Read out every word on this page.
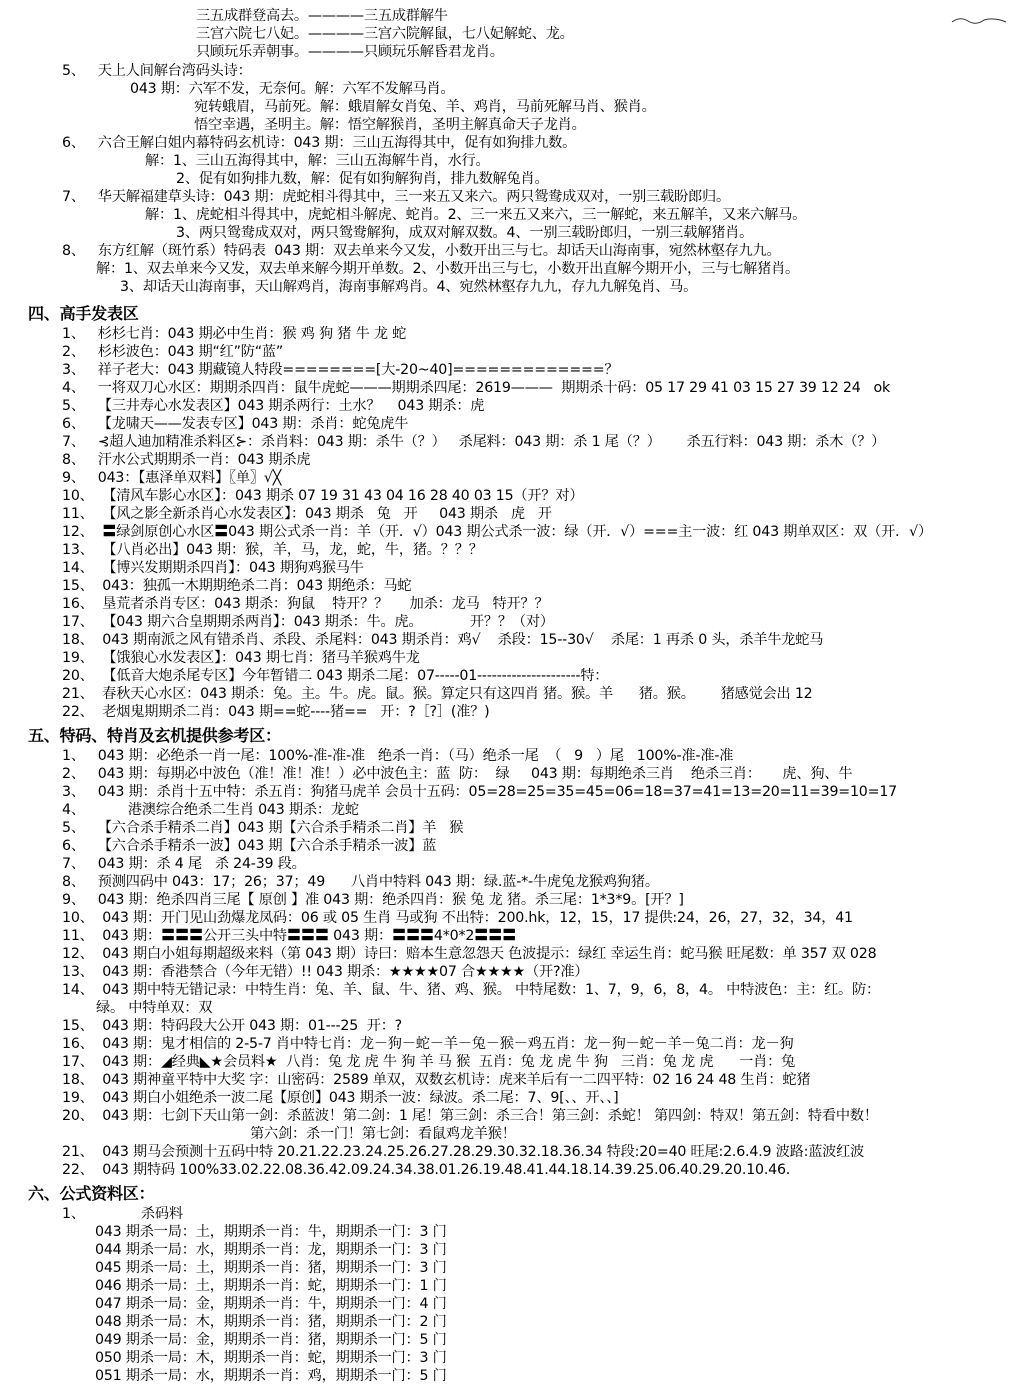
三五成群登高去。————三五成群解牛
三宫六院七八妃。————三宫六院解鼠，七八妃解蛇、龙。
只顾玩乐弄朝事。————只顾玩乐解昏君龙肖。
5、   天上人间解台湾码头诗：
043 期：六军不发，无奈何。解：六军不发解马肖。
宛转蛾眉，马前死。解：蛾眉解女肖兔、羊、鸡肖，马前死解马肖、猴肖。
悟空幸遇，圣明主。解：悟空解猴肖，圣明主解真命天子龙肖。
6、   六合王解白姐内幕特码玄机诗：043 期：三山五海得其中，促有如狗排九数。
解：1、三山五海得其中，解：三山五海解牛肖，水行。
2、促有如狗排九数，解：促有如狗解狗肖，排九数解兔肖。
7、   华天解福建草头诗：043 期：虎蛇相斗得其中，三一来五又来六。两只鸳鸯成双对，一别三载盼郎归。
解：1、虎蛇相斗得其中，虎蛇相斗解虎、蛇肖。2、三一来五又来六，三一解蛇，来五解羊，又来六解马。
3、两只鸳鸯成双对，两只鸳鸯解狗，成双对解双数。4、一别三载盼郎归，一别三载解猪肖。
8、   东方红解（斑竹系）特码表  043 期：双去单来今又发，小数开出三与七。却话天山海南事，宛然林壑存九九。
解：1、双去单来今又发，双去单来解今期开单数。2、小数开出三与七，小数开出直解今期开小，三与七解猪肖。
3、却话天山海南事，天山解鸡肖，海南事解鸡肖。4、宛然林壑存九九，存九九解兔肖、马。
四、高手发表区
1、   杉杉七肖：043 期必中生肖：猴 鸡 狗 猪 牛 龙 蛇
2、   杉杉波色：043 期“红”防“蓝”
3、   祥子老大：043 期藏镜人特段========[大-20~40]=============？
4、   一将双刀心水区：期期杀四肖：鼠牛虎蛇———期期杀四尾：2619———  期期杀十码：05 17 29 41 03 15 27 39 12 24   ok
5、   【三井寿心水发表区】043 期杀两行：土水？    043 期杀：虎
6、   【龙啸天——发表专区】043 期：杀肖：蛇兔虎牛
7、   ⊰超人迪加精准杀料区⊱：杀肖料：043 期：杀牛（？）   杀尾料：043 期：杀 1 尾（？）      杀五行料：043 期：杀木（？）
8、   汗水公式期期杀一肖：043 期杀虎
9、   043：【惠泽单双料】〖单〗√╳
10、  【清风车影心水区】：043 期杀 07 19 31 43 04 16 28 40 03 15（开？对）
11、  【风之影全新杀肖心水发表区】：043 期杀   兔   开     043 期杀   虎   开
12、  〓绿剑原创心水区〓043 期公式杀一肖：羊（开．√）043 期公式杀一波：绿（开．√）===主一波：红 043 期单双区：双（开．√）
13、  【八肖必出】043 期：猴，羊，马，龙，蛇，牛，猪。？？？
14、  【博兴发期期杀四肖】：043 期狗鸡猴马牛
15、  043：独孤一木期期绝杀二肖：043 期绝杀：马蛇
16、  垦荒者杀肖专区：043 期杀：狗鼠    特开？？     加杀：龙马   特开？？
17、  【043 期六合皇期期杀两肖】：043 期杀：牛。虎。           开？？（对）
18、  043 期南派之风有错杀肖、杀段、杀尾料：043 期杀肖：鸡√    杀段：15--30√    杀尾：1 再杀 0 头，杀羊牛龙蛇马
19、  【饿狼心水发表区】：043 期七肖：猪马羊猴鸡牛龙
20、  【低音大炮杀尾专区】今年暂错二 043 期杀二尾：07-----01---------------------特：
21、  春秋天心水区：043 期杀：兔。主。牛。虎。鼠。猴。算定只有这四肖 猪。猴。羊      猪。猴。      猪感觉会出 12
22、  老烟鬼期期杀二肖：043 期==蛇----猪==   开：?［?］(准？)
五、特码、特肖及玄机提供参考区：
1、   043 期：必绝杀一肖一尾：100%-准-准-准   绝杀一肖：（马）绝杀一尾  （   9   ）尾   100%-准-准-准
2、   043 期：每期必中波色（准！准！准！）必中波色主：蓝  防：  绿     043 期：每期绝杀三肖    绝杀三肖：     虎、狗、牛
3、   043 期：杀肖十五中特：杀五肖：狗猪马虎羊 会员十五码：05=28=25=35=45=06=18=37=41=13=20=11=39=10=17
4、          港澳综合绝杀二生肖 043 期杀：龙蛇
5、   【六合杀手精杀二肖】043 期【六合杀手精杀二肖】羊   猴
6、   【六合杀手精杀一波】043 期【六合杀手精杀一波】蓝
7、   043 期：杀 4 尾   杀 24-39 段。
8、   预测四码中 043：17；26；37；49      八肖中特料 043 期：绿.蓝-*-牛虎兔龙猴鸡狗猪。
9、   043 期：绝杀四肖三尾【 原创 】准 043 期：绝杀四肖：猴 兔 龙 猪。杀三尾：1*3*9。[开？]
10、  043 期：开门见山劲爆龙凤码：06 或 05 生肖 马或狗 不出特：200.hk，12，15，17 提供:24，26，27，32，34，41
11、  043 期：〓〓〓公开三头中特〓〓〓 043 期：〓〓〓4*0*2〓〓〓
12、  043 期白小姐每期超级来料（第 043 期）诗曰：赔本生意忽怨天 色波提示：绿红 幸运生肖：蛇马猴 旺尾数：单 357 双 028
13、  043 期：香港禁合（今年无错）!! 043 期杀：★★★★07 合★★★★（开?准）
14、  043 期中特无错记录：中特生肖：兔、羊、鼠、牛、猪、鸡、猴。 中特尾数：1、7，9，6，8，4。 中特波色：主：红。防：
绿。 中特单双：双
15、  043 期：特码段大公开 043 期：01---25  开：?
16、  043 期：鬼才相信的 2-5-7 肖中特七肖：龙－狗－蛇－羊－兔－猴－鸡五肖：龙－狗－蛇－羊－兔二肖：龙－狗
17、  043 期：◢经典◣★会员料★  八肖：兔 龙 虎 牛 狗 羊 马 猴  五肖：兔 龙 虎 牛 狗   三肖：兔 龙 虎      一肖：兔
18、  043 期神童平特中大奖 字：山密码：2589 单双，双数玄机诗：虎来羊后有一二四平特：02 16 24 48 生肖：蛇猪
19、  043 期白小姐绝杀一波二尾【原创】043 期杀一波：绿波。杀二尾：7、9[、、开、、]
20、  043 期：七剑下天山第一剑：杀蓝波！第二剑：1 尾！第三剑：杀三合！第三剑：杀蛇！ 第四剑：特双！第五剑：特看中数！
第六剑：杀一门！第七剑：看鼠鸡龙羊猴！
21、  043 期马会预测十五码中特 20.21.22.23.24.25.26.27.28.29.30.32.18.36.34 特段:20=40 旺尾:2.6.4.9 波路:蓝波红波
22、  043 期特码 100%33.02.22.08.36.42.09.24.34.38.01.26.19.48.41.44.18.14.39.25.06.40.29.20.10.46.
六、公式资料区：
1、             杀码料
043 期杀一局：土，期期杀一肖：牛，期期杀一门：3 门
044 期杀一局：水，期期杀一肖：龙，期期杀一门：3 门
045 期杀一局：土，期期杀一肖：猪，期期杀一门：3 门
046 期杀一局：土，期期杀一肖：蛇，期期杀一门：1 门
047 期杀一局：金，期期杀一肖：牛，期期杀一门：4 门
048 期杀一局：木，期期杀一肖：猪，期期杀一门：2 门
049 期杀一局：金，期期杀一肖：猪，期期杀一门：5 门
050 期杀一局：木，期期杀一肖：蛇，期期杀一门：3 门
051 期杀一局：水，期期杀一肖：鸡，期期杀一门：5 门
